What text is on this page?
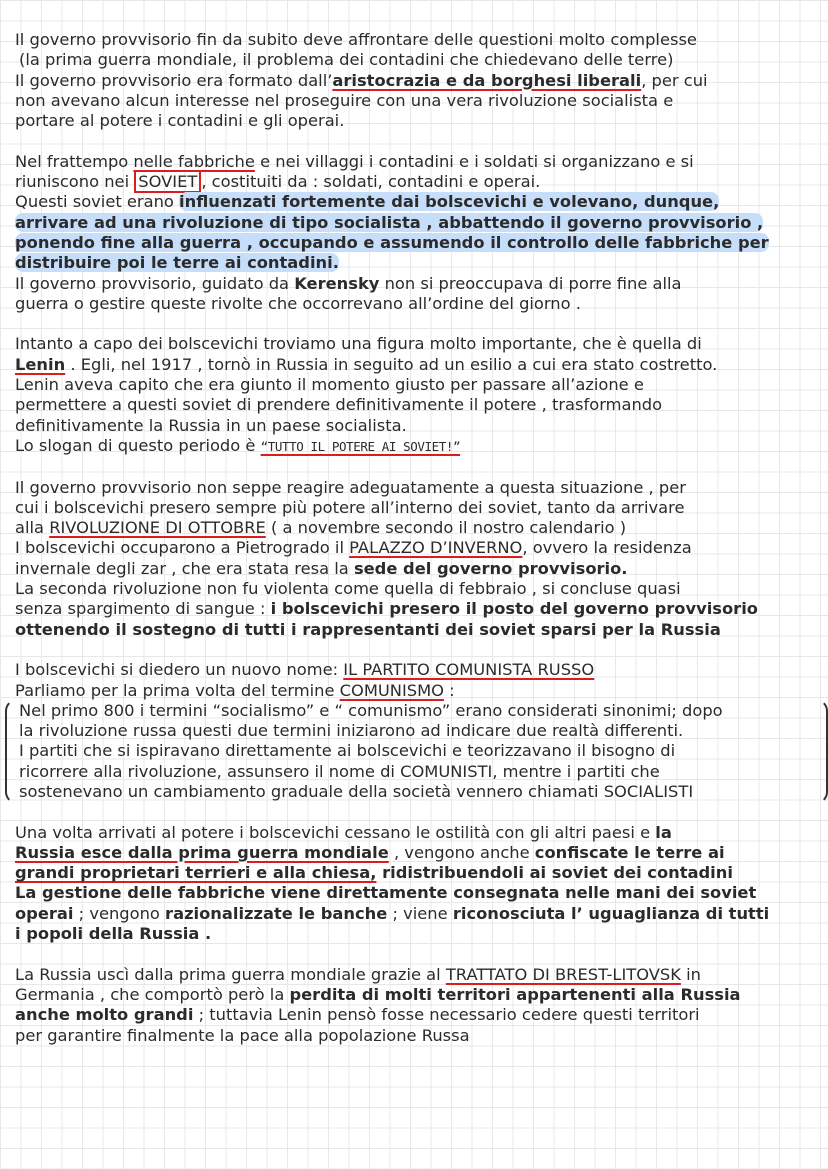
Il governo provvisorio fin da subito deve affrontare delle questioni molto complesse

(la prima guerra mondiale, il problema dei contadini che chiedevano delle terre)

Il governo provvisorio era formato dall’aristocrazia e da borghesi liberali, per cui

non avevano alcun interesse nel proseguire con una vera rivoluzione socialista e

portare al potere i contadini e gli operai.

Nel frattempo nelle fabbriche e nei villaggi i contadini e i soldati si organizzano e si

riuniscono nei SOVIET , costituiti da : soldati, contadini e operai.

Questi soviet erano influenzati fortemente dai bolscevichi e volevano, dunque,

arrivare ad una rivoluzione di tipo socialista , abbattendo il governo provvisorio ,

ponendo fine alla guerra , occupando e assumendo il controllo delle fabbriche per

distribuire poi le terre ai contadini.

Il governo provvisorio, guidato da Kerensky non si preoccupava di porre fine alla

guerra o gestire queste rivolte che occorrevano all’ordine del giorno .

Intanto a capo dei bolscevichi troviamo una figura molto importante, che è quella di

Lenin . Egli, nel 1917 , tornò in Russia in seguito ad un esilio a cui era stato costretto.

Lenin aveva capito che era giunto il momento giusto per passare all’azione e

permettere a questi soviet di prendere definitivamente il potere , trasformando

definitivamente la Russia in un paese socialista.

Lo slogan di questo periodo è “TUTTO IL POTERE AI SOVIET!”

Il governo provvisorio non seppe reagire adeguatamente a questa situazione , per

cui i bolscevichi presero sempre più potere all’interno dei soviet, tanto da arrivare

alla RIVOLUZIONE DI OTTOBRE ( a novembre secondo il nostro calendario )

I bolscevichi occuparono a Pietrogrado il PALAZZO D’INVERNO, ovvero la residenza

invernale degli zar , che era stata resa la sede del governo provvisorio.

La seconda rivoluzione non fu violenta come quella di febbraio , si concluse quasi

senza spargimento di sangue : i bolscevichi presero il posto del governo provvisorio

ottenendo il sostegno di tutti i rappresentanti dei soviet sparsi per la Russia

I bolscevichi si diedero un nuovo nome: IL PARTITO COMUNISTA RUSSO

Parliamo per la prima volta del termine COMUNISMO :

Nel primo 800 i termini “socialismo” e “ comunismo” erano considerati sinonimi; dopo

la rivoluzione russa questi due termini iniziarono ad indicare due realtà differenti.

I partiti che si ispiravano direttamente ai bolscevichi e teorizzavano il bisogno di

ricorrere alla rivoluzione, assunsero il nome di COMUNISTI, mentre i partiti che

sostenevano un cambiamento graduale della società vennero chiamati SOCIALISTI

Una volta arrivati al potere i bolscevichi cessano le ostilità con gli altri paesi e la

Russia esce dalla prima guerra mondiale , vengono anche confiscate le terre ai

grandi proprietari terrieri e alla chiesa, ridistribuendoli ai soviet dei contadini

La gestione delle fabbriche viene direttamente consegnata nelle mani dei soviet

operai ; vengono razionalizzate le banche ; viene riconosciuta l’ uguaglianza di tutti

i popoli della Russia .

La Russia uscì dalla prima guerra mondiale grazie al TRATTATO DI BREST-LITOVSK in

Germania , che comportò però la perdita di molti territori appartenenti alla Russia

anche molto grandi ; tuttavia Lenin pensò fosse necessario cedere questi territori

per garantire finalmente la pace alla popolazione Russa
